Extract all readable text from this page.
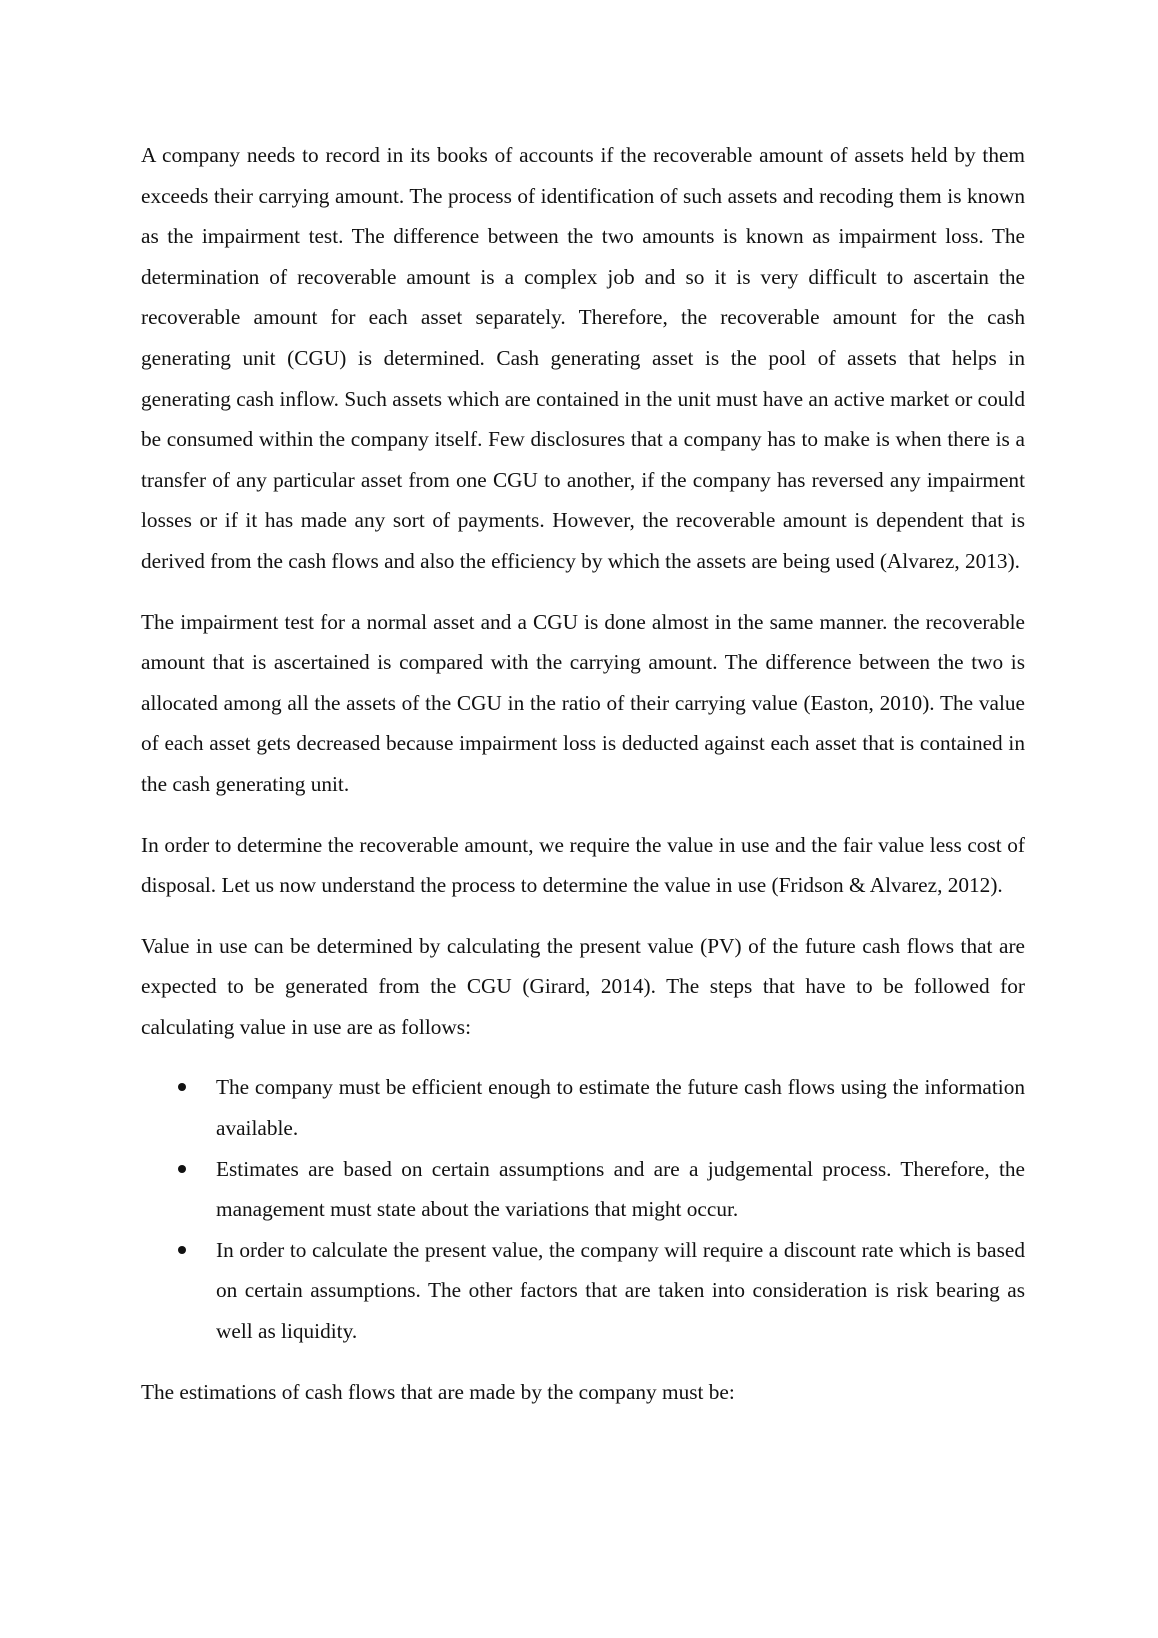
A company needs to record in its books of accounts if the recoverable amount of assets held by them exceeds their carrying amount. The process of identification of such assets and recoding them is known as the impairment test. The difference between the two amounts is known as impairment loss. The determination of recoverable amount is a complex job and so it is very difficult to ascertain the recoverable amount for each asset separately. Therefore, the recoverable amount for the cash generating unit (CGU) is determined. Cash generating asset is the pool of assets that helps in generating cash inflow. Such assets which are contained in the unit must have an active market or could be consumed within the company itself. Few disclosures that a company has to make is when there is a transfer of any particular asset from one CGU to another, if the company has reversed any impairment losses or if it has made any sort of payments. However, the recoverable amount is dependent that is derived from the cash flows and also the efficiency by which the assets are being used (Alvarez, 2013).

The impairment test for a normal asset and a CGU is done almost in the same manner. the recoverable amount that is ascertained is compared with the carrying amount. The difference between the two is allocated among all the assets of the CGU in the ratio of their carrying value (Easton, 2010). The value of each asset gets decreased because impairment loss is deducted against each asset that is contained in the cash generating unit.

In order to determine the recoverable amount, we require the value in use and the fair value less cost of disposal. Let us now understand the process to determine the value in use (Fridson & Alvarez, 2012).

Value in use can be determined by calculating the present value (PV) of the future cash flows that are expected to be generated from the CGU (Girard, 2014). The steps that have to be followed for calculating value in use are as follows:

The company must be efficient enough to estimate the future cash flows using the information available.
Estimates are based on certain assumptions and are a judgemental process. Therefore, the management must state about the variations that might occur.
In order to calculate the present value, the company will require a discount rate which is based on certain assumptions. The other factors that are taken into consideration is risk bearing as well as liquidity.

The estimations of cash flows that are made by the company must be:
